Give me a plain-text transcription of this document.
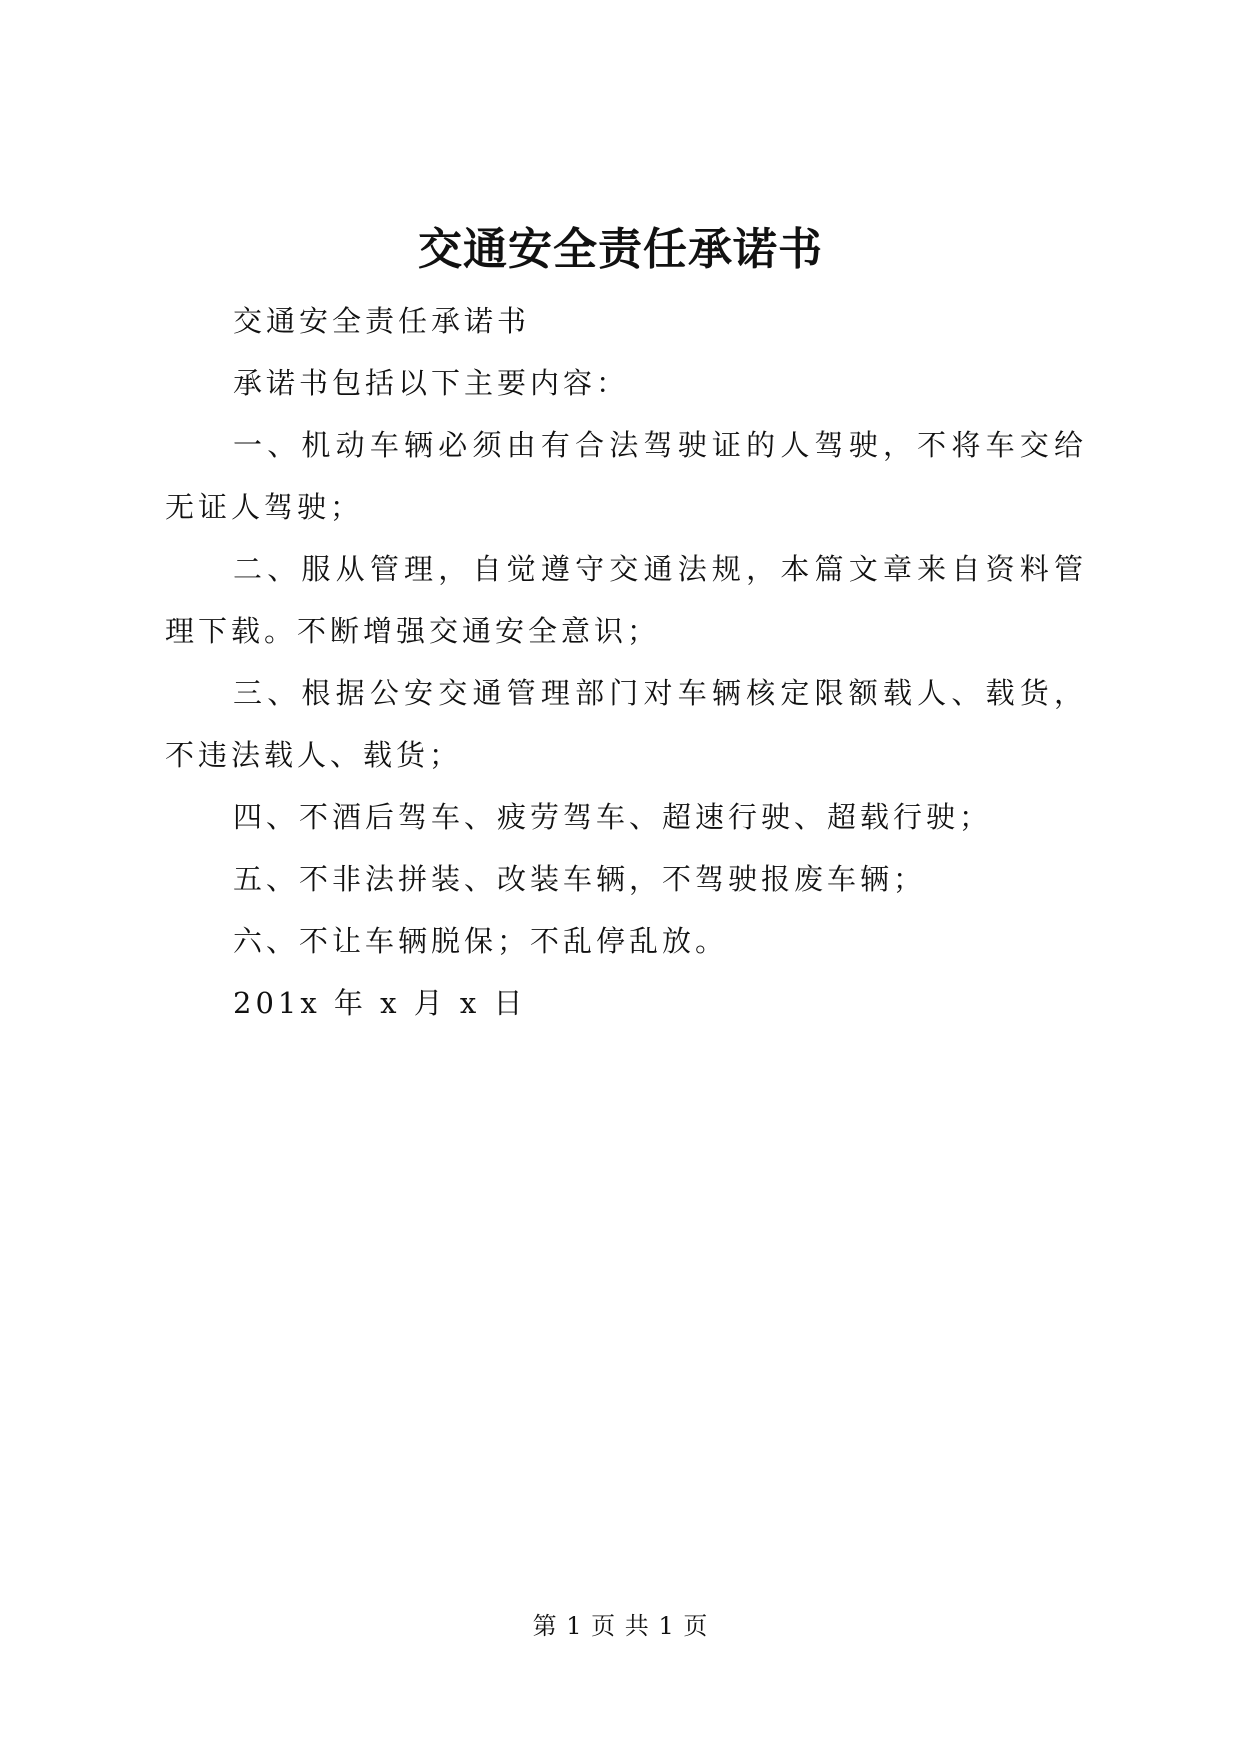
交通安全责任承诺书

交通安全责任承诺书

承诺书包括以下主要内容：

一、机动车辆必须由有合法驾驶证的人驾驶，不将车交给无证人驾驶；

二、服从管理，自觉遵守交通法规，本篇文章来自资料管理下载。不断增强交通安全意识；

三、根据公安交通管理部门对车辆核定限额载人、载货，不违法载人、载货；

四、不酒后驾车、疲劳驾车、超速行驶、超载行驶；

五、不非法拼装、改装车辆，不驾驶报废车辆；

六、不让车辆脱保；不乱停乱放。

201x 年 x 月 x 日

第 1 页 共 1 页
